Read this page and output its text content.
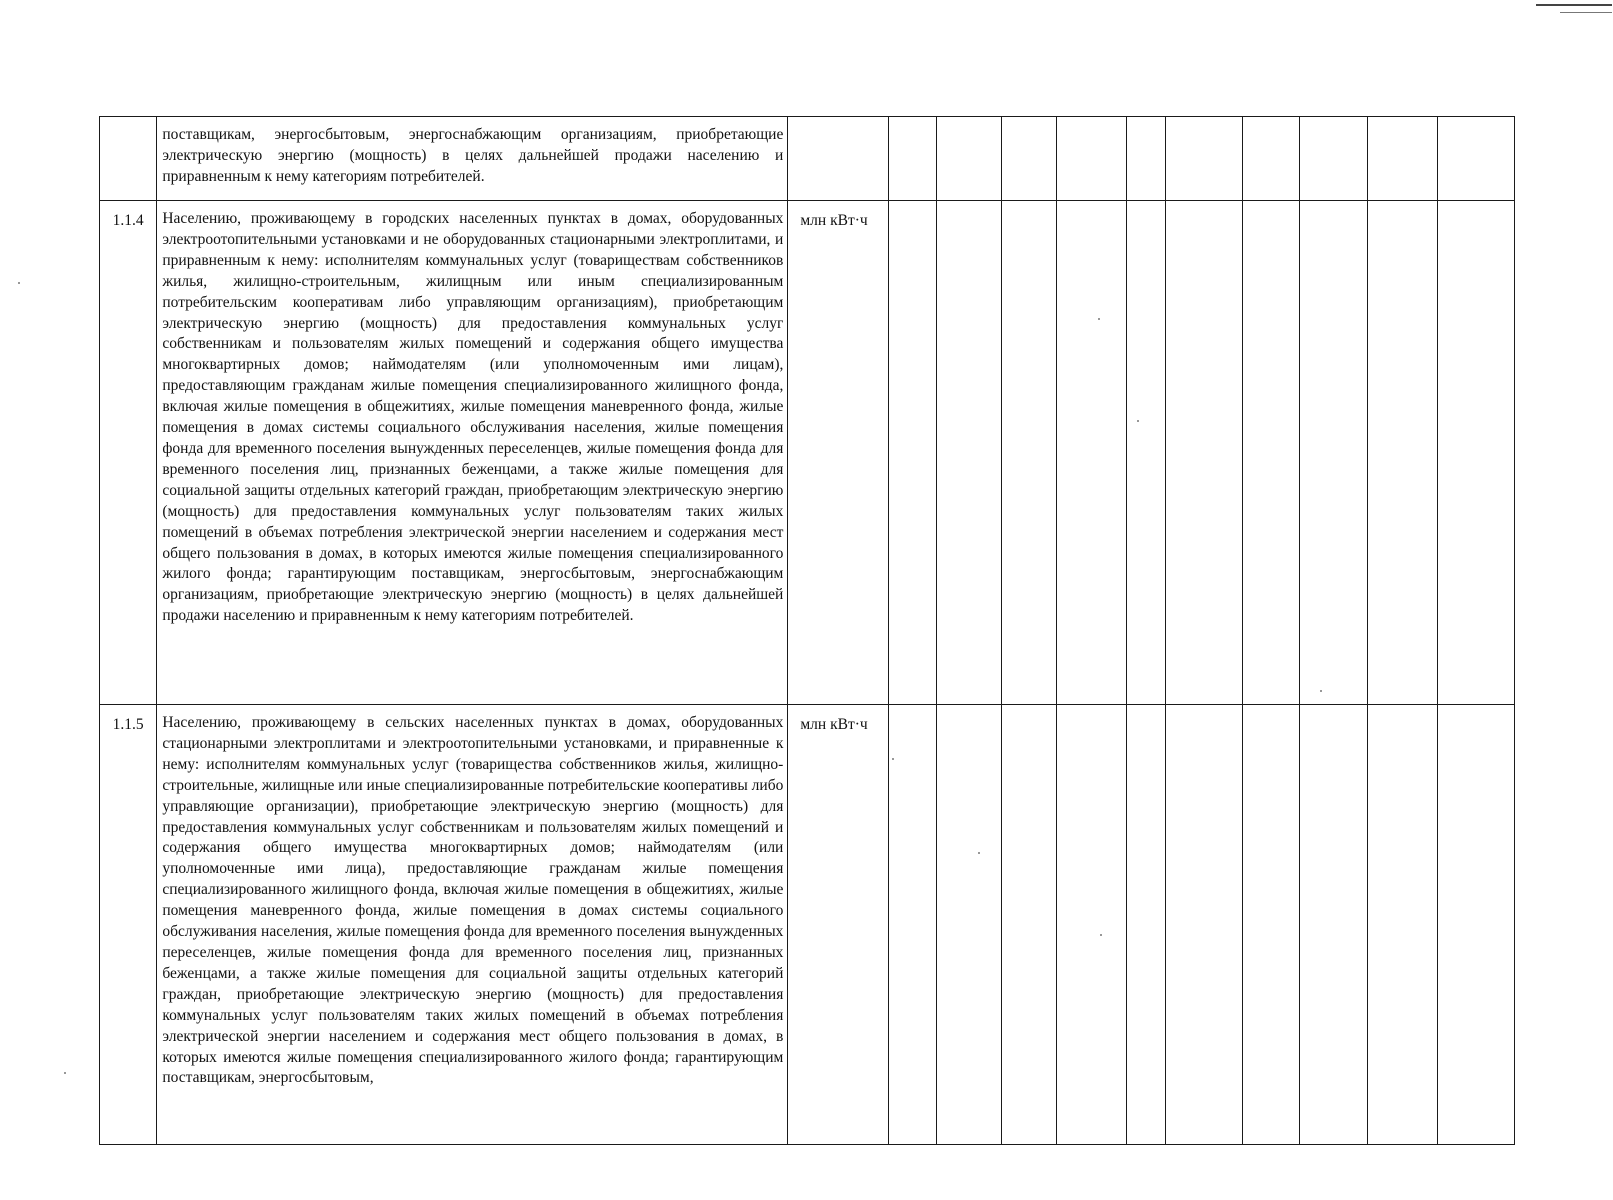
	поставщикам, энергосбытовым, энергоснабжающим организациям, приобретающие электрическую энергию (мощность) в целях дальнейшей продажи населению и приравненным к нему категориям потребителей.											
1.1.4	Населению, проживающему в городских населенных пунктах в домах, оборудованных электроотопительными установками и не оборудованных стационарными электроплитами, и приравненным к нему: исполнителям коммунальных услуг (товариществам собственников жилья, жилищно-строительным, жилищным или иным специализированным потребительским кооперативам либо управляющим организациям), приобретающим электрическую энергию (мощность) для предоставления коммунальных услуг собственникам и пользователям жилых помещений и содержания общего имущества многоквартирных домов; наймодателям (или уполномоченным ими лицам), предоставляющим гражданам жилые помещения специализированного жилищного фонда, включая жилые помещения в общежитиях, жилые помещения маневренного фонда, жилые помещения в домах системы социального обслуживания населения, жилые помещения фонда для временного поселения вынужденных переселенцев, жилые помещения фонда для временного поселения лиц, признанных беженцами, а также жилые помещения для социальной защиты отдельных категорий граждан, приобретающим электрическую энергию (мощность) для предоставления коммунальных услуг пользователям таких жилых помещений в объемах потребления электрической энергии населением и содержания мест общего пользования в домах, в которых имеются жилые помещения специализированного жилого фонда; гарантирующим поставщикам, энергосбытовым, энергоснабжающим организациям, приобретающие электрическую энергию (мощность) в целях дальнейшей продажи населению и приравненным к нему категориям потребителей.	млн кВт·ч										
1.1.5	Населению, проживающему в сельских населенных пунктах в домах, оборудованных стационарными электроплитами и электроотопительными установками, и приравненные к нему: исполнителям коммунальных услуг (товарищества собственников жилья, жилищно-строительные, жилищные или иные специализированные потребительские кооперативы либо управляющие организации), приобретающие электрическую энергию (мощность) для предоставления коммунальных услуг собственникам и пользователям жилых помещений и содержания общего имущества многоквартирных домов; наймодателям (или уполномоченные ими лица), предоставляющие гражданам жилые помещения специализированного жилищного фонда, включая жилые помещения в общежитиях, жилые помещения маневренного фонда, жилые помещения в домах системы социального обслуживания населения, жилые помещения фонда для временного поселения вынужденных переселенцев, жилые помещения фонда для временного поселения лиц, признанных беженцами, а также жилые помещения для социальной защиты отдельных категорий граждан, приобретающие электрическую энергию (мощность) для предоставления коммунальных услуг пользователям таких жилых помещений в объемах потребления электрической энергии населением и содержания мест общего пользования в домах, в которых имеются жилые помещения специализированного жилого фонда; гарантирующим поставщикам, энергосбытовым,	млн кВт·ч										
